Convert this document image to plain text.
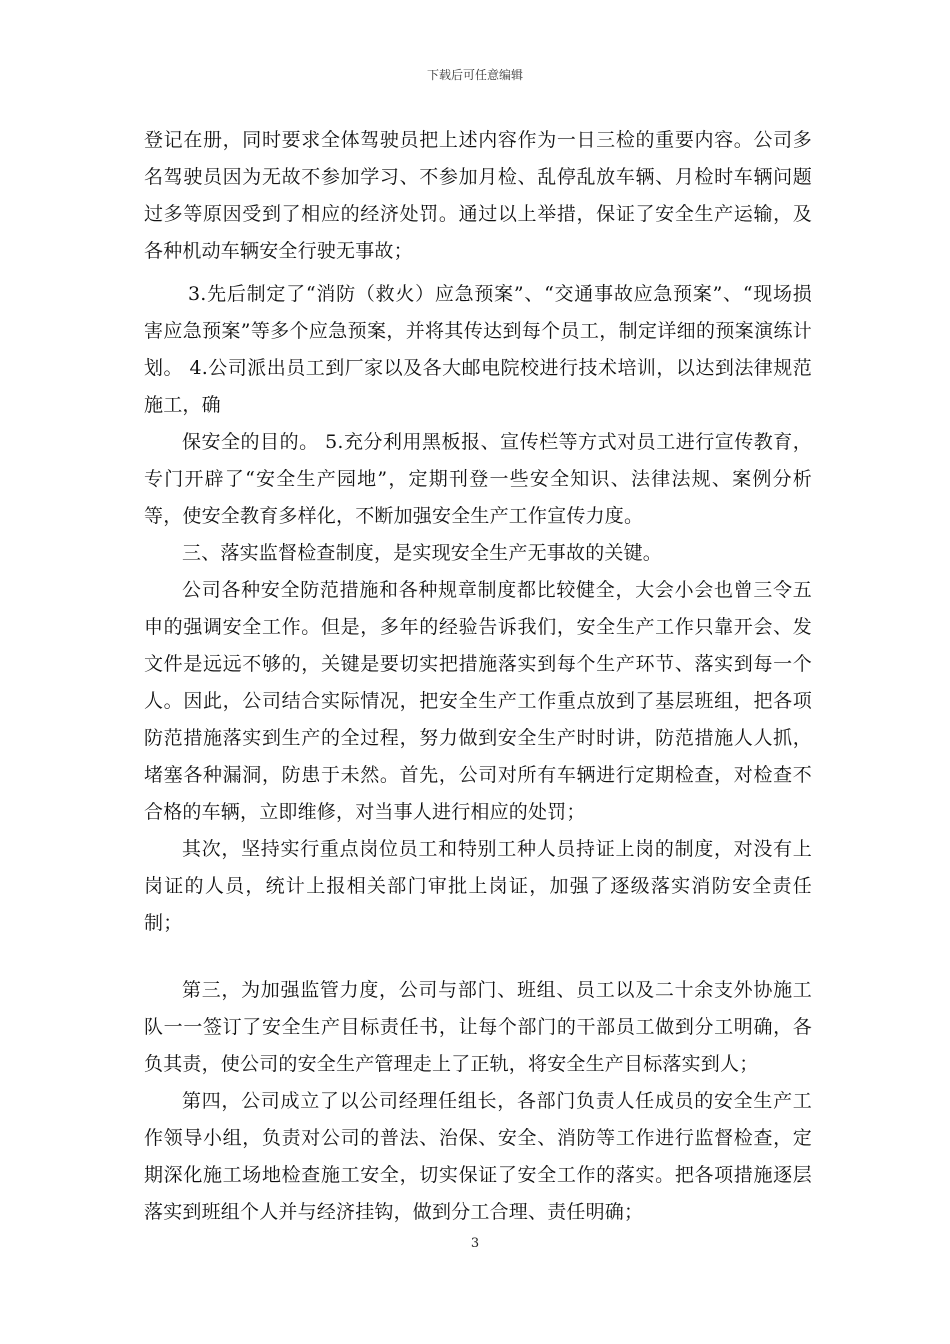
下载后可任意编辑

登记在册，同时要求全体驾驶员把上述内容作为一日三检的重要内容。公司多名驾驶员因为无故不参加学习、不参加月检、乱停乱放车辆、月检时车辆问题过多等原因受到了相应的经济处罚。通过以上举措，保证了安全生产运输，及各种机动车辆安全行驶无事故；

3.先后制定了“消防（救火）应急预案”、“交通事故应急预案”、“现场损害应急预案”等多个应急预案，并将其传达到每个员工，制定详细的预案演练计划。 4.公司派出员工到厂家以及各大邮电院校进行技术培训，以达到法律规范施工，确

保安全的目的。 5.充分利用黑板报、宣传栏等方式对员工进行宣传教育，专门开辟了“安全生产园地”，定期刊登一些安全知识、法律法规、案例分析等，使安全教育多样化，不断加强安全生产工作宣传力度。

三、落实监督检查制度，是实现安全生产无事故的关键。

公司各种安全防范措施和各种规章制度都比较健全，大会小会也曾三令五申的强调安全工作。但是，多年的经验告诉我们，安全生产工作只靠开会、发文件是远远不够的，关键是要切实把措施落实到每个生产环节、落实到每一个人。因此，公司结合实际情况，把安全生产工作重点放到了基层班组，把各项防范措施落实到生产的全过程，努力做到安全生产时时讲，防范措施人人抓，堵塞各种漏洞，防患于未然。首先，公司对所有车辆进行定期检查，对检查不合格的车辆，立即维修，对当事人进行相应的处罚；

其次，坚持实行重点岗位员工和特别工种人员持证上岗的制度，对没有上岗证的人员，统计上报相关部门审批上岗证，加强了逐级落实消防安全责任制；

第三，为加强监管力度，公司与部门、班组、员工以及二十余支外协施工队一一签订了安全生产目标责任书，让每个部门的干部员工做到分工明确，各负其责，使公司的安全生产管理走上了正轨，将安全生产目标落实到人；

第四，公司成立了以公司经理任组长，各部门负责人任成员的安全生产工作领导小组，负责对公司的普法、治保、安全、消防等工作进行监督检查，定期深化施工场地检查施工安全，切实保证了安全工作的落实。把各项措施逐层落实到班组个人并与经济挂钩，做到分工合理、责任明确；

3
